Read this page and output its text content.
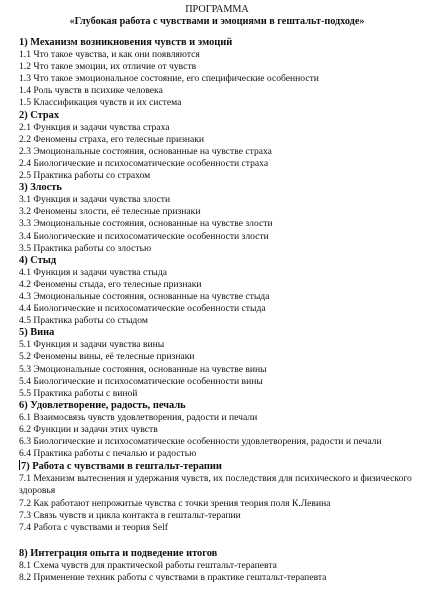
ПРОГРАММА
«Глубокая работа с чувствами и эмоциями в гештальт-подходе»
1) Механизм возникновения чувств и эмоций
1.1 Что такое чувства, и как они появляются
1.2 Что такое эмоции, их отличие от чувств
1.3 Что такое эмоциональное состояние, его специфические особенности
1.4 Роль чувств в психике человека
1.5 Классификация чувств и их система
2) Страх
2.1 Функция и задачи чувства страха
2.2 Феномены страха, его телесные признаки
2.3 Эмоциональные состояния, основанные на чувстве страха
2.4 Биологические и психосоматические особенности страха
2.5 Практика работы со страхом
3) Злость
3.1 Функция и задачи чувства злости
3.2 Феномены злости, её телесные признаки
3.3 Эмоциональные состояния, основанные на чувстве злости
3.4 Биологические и психосоматические особенности злости
3.5 Практика работы со злостью
4) Стыд
4.1 Функция и задачи чувства стыда
4.2 Феномены стыда, его телесные признаки
4.3 Эмоциональные состояния, основанные на чувстве стыда
4.4 Биологические и психосоматические особенности стыда
4.5 Практика работы со стыдом
5) Вина
5.1 Функция и задачи чувства вины
5.2 Феномены вины, её телесные признаки
5.3 Эмоциональные состояния, основанные на чувстве вины
5.4 Биологические и психосоматические особенности вины
5.5 Практика работы с виной
6) Удовлетворение, радость, печаль
6.1 Взаимосвязь чувств удовлетворения, радости и печали
6.2 Функции и задачи этих чувств
6.3 Биологические и психосоматические особенности удовлетворения, радости и печали
6.4 Практика работы с печалью и радостью
7) Работа с чувствами в гештальт-терапии
7.1 Механизм вытеснения и удержания чувств, их последствия для психического и физического здоровья
7.2 Как работают непрожитые чувства с точки зрения теория поля К.Левина
7.3 Связь чувств и цикла контакта в гештальт-терапии
7.4 Работа с чувствами и теория Self
8) Интеграция опыта и подведение итогов
8.1 Схема чувств для практической работы гештальт-терапевта
8.2 Применение техник работы с чувствами в практике гештальт-терапевта
